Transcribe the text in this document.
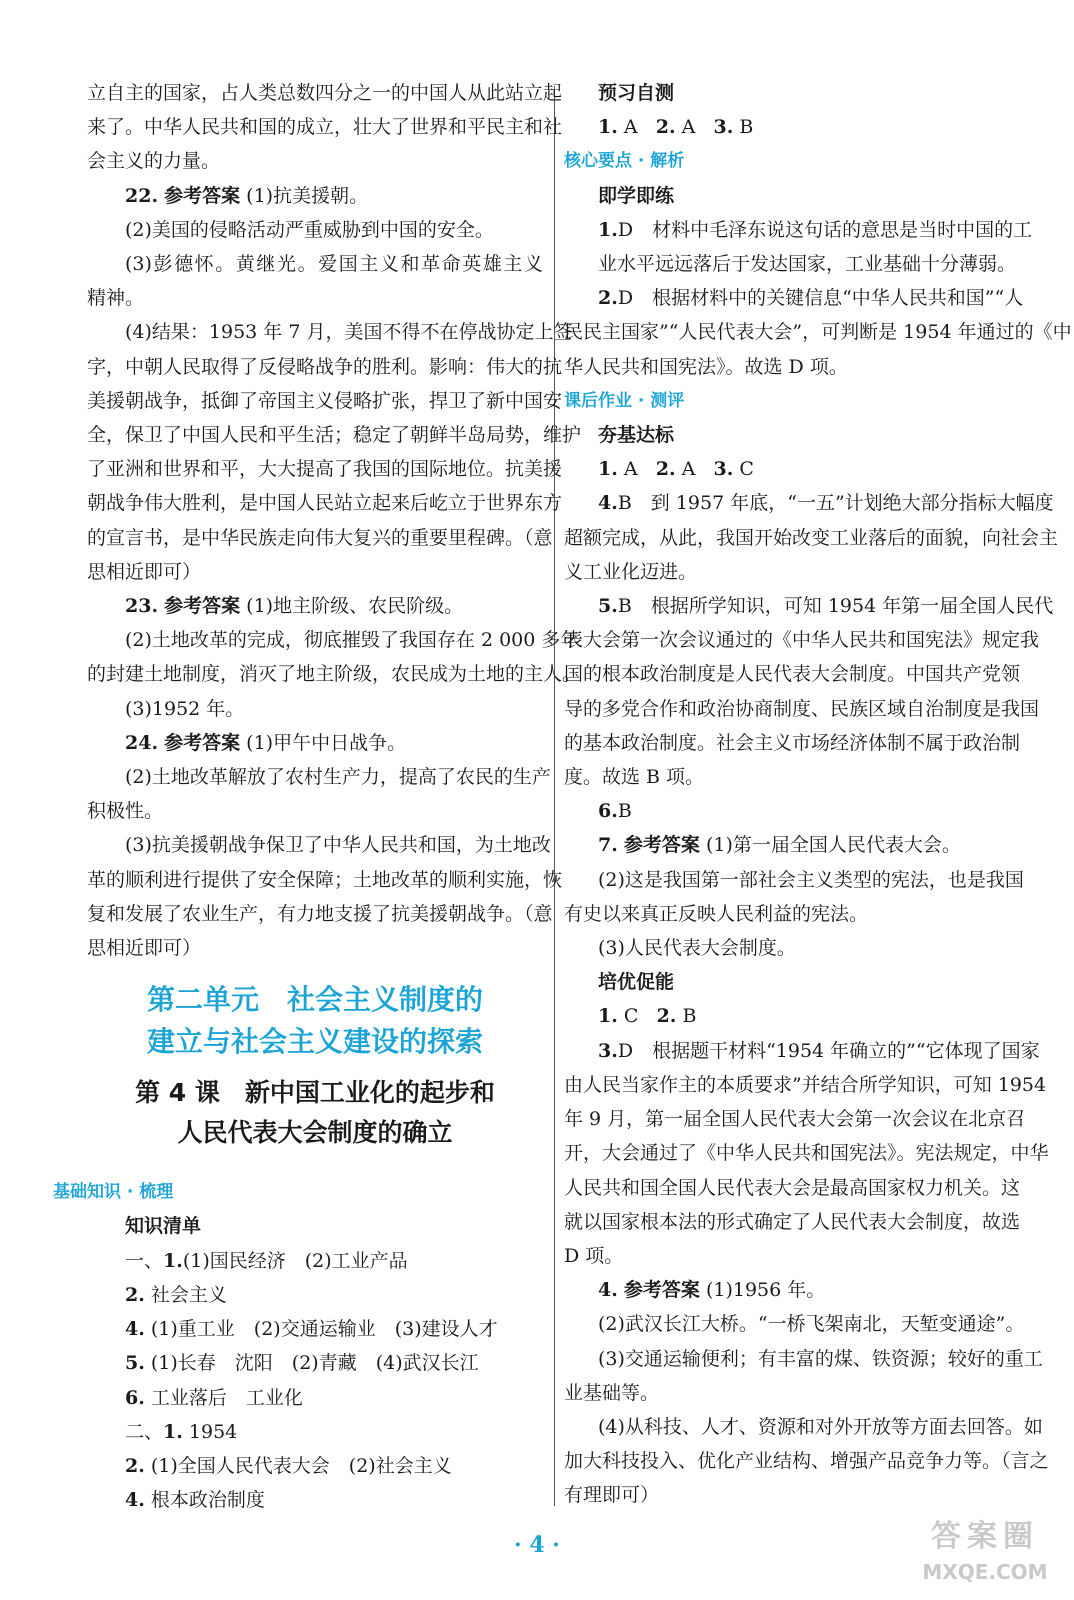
立自主的国家，占人类总数四分之一的中国人从此站立起
来了。中华人民共和国的成立，壮大了世界和平民主和社
会主义的力量。
22. 参考答案 (1)抗美援朝。
(2)美国的侵略活动严重威胁到中国的安全。
(3)彭德怀。黄继光。爱国主义和革命英雄主义
精神。
(4)结果：1953 年 7 月，美国不得不在停战协定上签
字，中朝人民取得了反侵略战争的胜利。影响：伟大的抗
美援朝战争，抵御了帝国主义侵略扩张，捍卫了新中国安
全，保卫了中国人民和平生活；稳定了朝鲜半岛局势，维护
了亚洲和世界和平，大大提高了我国的国际地位。抗美援
朝战争伟大胜利，是中国人民站立起来后屹立于世界东方
的宣言书，是中华民族走向伟大复兴的重要里程碑。（意
思相近即可）
23. 参考答案 (1)地主阶级、农民阶级。
(2)土地改革的完成，彻底摧毁了我国存在 2 000 多年
的封建土地制度，消灭了地主阶级，农民成为土地的主人。
(3)1952 年。
24. 参考答案 (1)甲午中日战争。
(2)土地改革解放了农村生产力，提高了农民的生产
积极性。
(3)抗美援朝战争保卫了中华人民共和国，为土地改
革的顺利进行提供了安全保障；土地改革的顺利实施，恢
复和发展了农业生产，有力地支援了抗美援朝战争。（意
思相近即可）
第二单元　社会主义制度的
建立与社会主义建设的探索
第 4 课　新中国工业化的起步和
人民代表大会制度的确立
基础知识 · 梳理
知识清单
一、1.(1)国民经济　(2)工业产品
2. 社会主义
4. (1)重工业　(2)交通运输业　(3)建设人才
5. (1)长春　沈阳　(2)青藏　(4)武汉长江
6. 工业落后　工业化
二、1. 1954
2. (1)全国人民代表大会　(2)社会主义
4. 根本政治制度
预习自测
1. A 2. A 3. B
核心要点 · 解析
即学即练
1.D　材料中毛泽东说这句话的意思是当时中国的工
业水平远远落后于发达国家，工业基础十分薄弱。
2.D　根据材料中的关键信息“中华人民共和国”“人
民民主国家”“人民代表大会”，可判断是 1954 年通过的《中
华人民共和国宪法》。故选 D 项。
课后作业 · 测评
夯基达标
1. A 2. A 3. C
4.B　到 1957 年底，“一五”计划绝大部分指标大幅度
超额完成，从此，我国开始改变工业落后的面貌，向社会主
义工业化迈进。
5.B　根据所学知识，可知 1954 年第一届全国人民代
表大会第一次会议通过的《中华人民共和国宪法》规定我
国的根本政治制度是人民代表大会制度。中国共产党领
导的多党合作和政治协商制度、民族区域自治制度是我国
的基本政治制度。社会主义市场经济体制不属于政治制
度。故选 B 项。
6.B
7. 参考答案 (1)第一届全国人民代表大会。
(2)这是我国第一部社会主义类型的宪法，也是我国
有史以来真正反映人民利益的宪法。
(3)人民代表大会制度。
培优促能
1. C 2. B
3.D　根据题干材料“1954 年确立的”“它体现了国家
由人民当家作主的本质要求”并结合所学知识，可知 1954
年 9 月，第一届全国人民代表大会第一次会议在北京召
开，大会通过了《中华人民共和国宪法》。宪法规定，中华
人民共和国全国人民代表大会是最高国家权力机关。这
就以国家根本法的形式确定了人民代表大会制度，故选
D 项。
4. 参考答案 (1)1956 年。
(2)武汉长江大桥。“一桥飞架南北，天堑变通途”。
(3)交通运输便利；有丰富的煤、铁资源；较好的重工
业基础等。
(4)从科技、人才、资源和对外开放等方面去回答。如
加大科技投入、优化产业结构、增强产品竞争力等。（言之
有理即可）
· 4 ·	答案圈
MXQE.COM
